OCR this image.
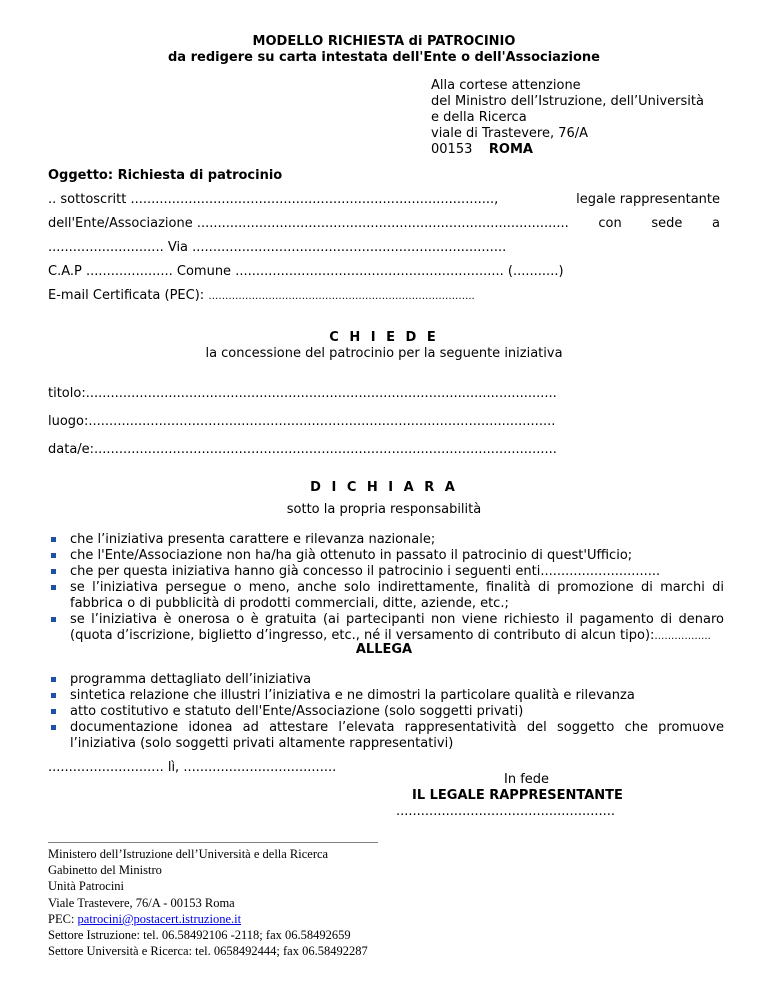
MODELLO RICHIESTA di PATROCINIO
da redigere su carta intestata dell'Ente o dell'Associazione
Alla cortese attenzione
del Ministro dell’Istruzione, dell’Università
e della Ricerca
viale di Trastevere, 76/A
00153 ROMA
Oggetto: Richiesta di patrocinio
.. sottoscritt ........................................................................................,	legale rappresentante
dell'Ente/Associazione .......................................................................................... con sede a
............................ Via ............................................................................
C.A.P ..................... Comune ................................................................. (...........)
E-mail Certificata (PEC): ……………………………………………………………………..
C H I E D E
la concessione del patrocinio per la seguente iniziativa
titolo:..................................................................................................................
luogo:.................................................................................................................
data/e:................................................................................................................
D I C H I A R A
sotto la propria responsabilità
che l’iniziativa presenta carattere e rilevanza nazionale;
che l'Ente/Associazione non ha/ha già ottenuto in passato il patrocinio di quest'Ufficio;
che per questa iniziativa hanno già concesso il patrocinio i seguenti enti.............................
se l’iniziativa persegue o meno, anche solo indirettamente, finalità di promozione di marchi di fabbrica o di pubblicità di prodotti commerciali, ditte, aziende, etc.;
se l’iniziativa è onerosa o è gratuita (ai partecipanti non viene richiesto il pagamento di denaro (quota d’iscrizione, biglietto d’ingresso, etc., né il versamento di contributo di alcun tipo):……………..
ALLEGA
programma dettagliato dell’iniziativa
sintetica relazione che illustri l’iniziativa e ne dimostri la particolare qualità e rilevanza
atto costitutivo e statuto dell'Ente/Associazione (solo soggetti privati)
documentazione idonea ad attestare l’elevata rappresentatività del soggetto che promuove l’iniziativa (solo soggetti privati altamente rappresentativi)
............................ lì, .....................................
In fede
IL LEGALE RAPPRESENTANTE
.....................................................
Ministero dell’Istruzione dell’Università e della Ricerca
Gabinetto del Ministro
Unità Patrocini
Viale Trastevere, 76/A - 00153 Roma
PEC: patrocini@postacert.istruzione.it
Settore Istruzione: tel. 06.58492106 -2118; fax 06.58492659
Settore Università e Ricerca: tel. 0658492444; fax 06.58492287
